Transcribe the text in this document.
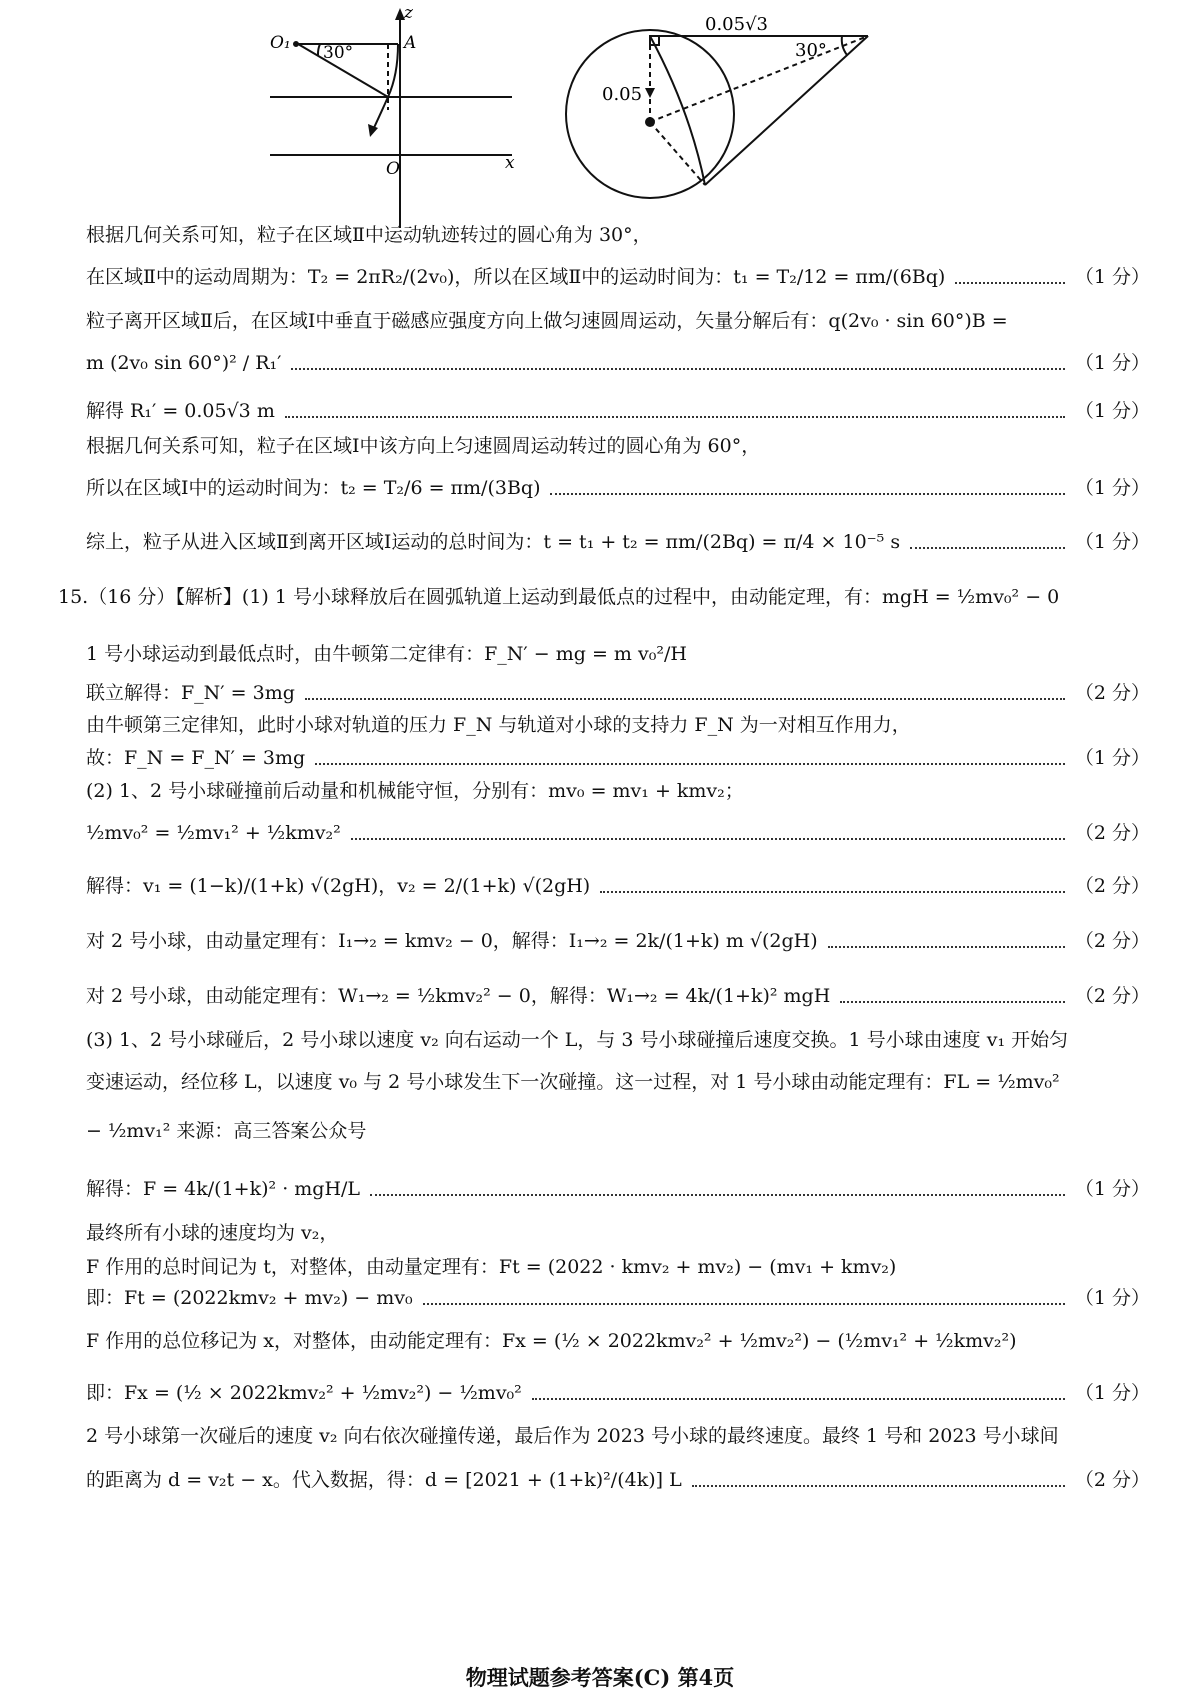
z
x
O
O₁	A
30°
0.05√3
0.05
30°
根据几何关系可知，粒子在区域Ⅱ中运动轨迹转过的圆心角为 30°，
在区域Ⅱ中的运动周期为：T₂ = 2πR₂/(2v₀)，所以在区域Ⅱ中的运动时间为：t₁ = T₂/12 = πm/(6Bq)	（1 分）
粒子离开区域Ⅱ后，在区域Ⅰ中垂直于磁感应强度方向上做匀速圆周运动，矢量分解后有：q(2v₀ · sin 60°)B =
m (2v₀ sin 60°)² / R₁′	（1 分）
解得 R₁′ = 0.05√3 m	（1 分）
根据几何关系可知，粒子在区域Ⅰ中该方向上匀速圆周运动转过的圆心角为 60°，
所以在区域Ⅰ中的运动时间为：t₂ = T₂/6 = πm/(3Bq)	（1 分）
综上，粒子从进入区域Ⅱ到离开区域Ⅰ运动的总时间为：t = t₁ + t₂ = πm/(2Bq) = π/4 × 10⁻⁵ s	（1 分）
15.（16 分）【解析】(1) 1 号小球释放后在圆弧轨道上运动到最低点的过程中，由动能定理，有：mgH = ½mv₀² − 0
1 号小球运动到最低点时，由牛顿第二定律有：F_N′ − mg = m v₀²/H
联立解得：F_N′ = 3mg	（2 分）
由牛顿第三定律知，此时小球对轨道的压力 F_N 与轨道对小球的支持力 F_N 为一对相互作用力，
故：F_N = F_N′ = 3mg	（1 分）
(2) 1、2 号小球碰撞前后动量和机械能守恒，分别有：mv₀ = mv₁ + kmv₂；
½mv₀² = ½mv₁² + ½kmv₂²	（2 分）
解得：v₁ = (1−k)/(1+k) √(2gH)，v₂ = 2/(1+k) √(2gH)	（2 分）
对 2 号小球，由动量定理有：I₁→₂ = kmv₂ − 0，解得：I₁→₂ = 2k/(1+k) m √(2gH)	（2 分）
对 2 号小球，由动能定理有：W₁→₂ = ½kmv₂² − 0，解得：W₁→₂ = 4k/(1+k)² mgH	（2 分）
(3) 1、2 号小球碰后，2 号小球以速度 v₂ 向右运动一个 L，与 3 号小球碰撞后速度交换。1 号小球由速度 v₁ 开始匀
变速运动，经位移 L，以速度 v₀ 与 2 号小球发生下一次碰撞。这一过程，对 1 号小球由动能定理有：FL = ½mv₀²
− ½mv₁²
来源：高三答案公众号
解得：F = 4k/(1+k)² · mgH/L	（1 分）
最终所有小球的速度均为 v₂，
F 作用的总时间记为 t，对整体，由动量定理有：Ft = (2022 · kmv₂ + mv₂) − (mv₁ + kmv₂)
即：Ft = (2022kmv₂ + mv₂) − mv₀	（1 分）
F 作用的总位移记为 x，对整体，由动能定理有：Fx = (½ × 2022kmv₂² + ½mv₂²) − (½mv₁² + ½kmv₂²)
即：Fx = (½ × 2022kmv₂² + ½mv₂²) − ½mv₀²	（1 分）
2 号小球第一次碰后的速度 v₂ 向右依次碰撞传递，最后作为 2023 号小球的最终速度。最终 1 号和 2023 号小球间
的距离为 d = v₂t − x。代入数据，得：d = [2021 + (1+k)²/(4k)] L	（2 分）
物理试题参考答案(C) 第4页
